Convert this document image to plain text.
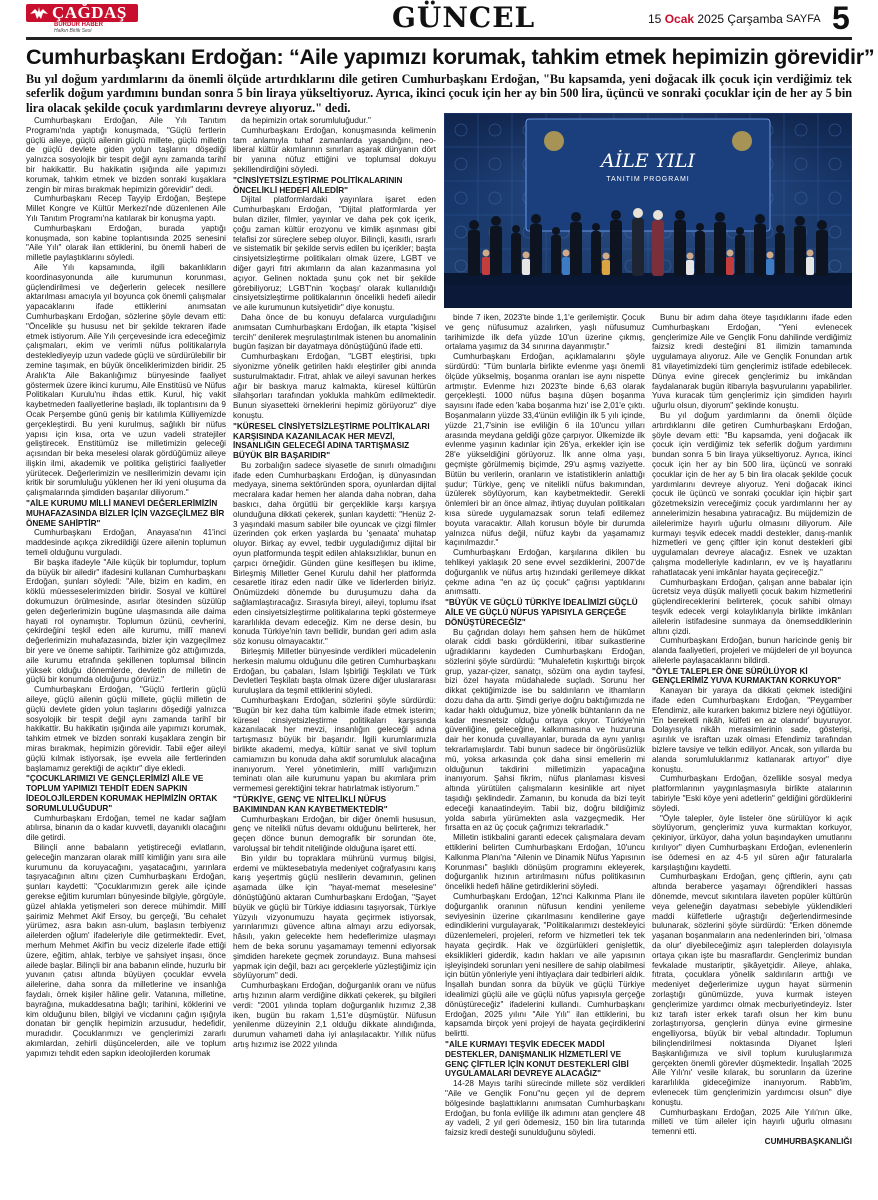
ÇAĞDAŞ
BURDUR HABER
Halkın Birlik Sesi	GÜNCEL	15 Ocak 2025 Çarşamba SAYFA 5
Cumhurbaşkanı Erdoğan: “Aile yapımızı korumak, tahkim etmek hepimizin görevidir”

Bu yıl doğum yardımlarını da önemli ölçüde artırdıklarını dile getiren Cumhurbaşkanı Erdoğan, "Bu kapsamda, yeni doğacak ilk çocuk için verdiğimiz tek seferlik doğum yardımını bundan sonra 5 bin liraya yükseltiyoruz. Ayrıca, ikinci çocuk için her ay bin 500 lira, üçüncü ve sonraki çocuklar için de her ay 5 bin lira olacak şekilde çocuk yardımlarını devreye alıyoruz." dedi.

AİLE YILI
TANITIM PROGRAMI

Cumhurbaşkanı Erdoğan, Aile Yılı Tanıtım Programı'nda yaptığı konuşmada, "Güçlü fertlerin güçlü aileye, güçlü ailenin güçlü millete, güçlü milletin de güçlü devlete giden yolun taşlarını döşediği yalnızca sosyolojik bir tespit değil aynı zamanda tarihî bir hakikattir. Bu hakikatin ışığında aile yapımızı korumak, tahkim etmek ve bizden sonraki kuşaklara zengin bir miras bırakmak hepimizin görevidir" dedi.

Cumhurbaşkanı Recep Tayyip Erdoğan, Beştepe Millet Kongre ve Kültür Merkezi'nde düzenlenen Aile Yılı Tanıtım Programı'na katılarak bir konuşma yaptı.

Cumhurbaşkanı Erdoğan, burada yaptığı konuşmada, son kabine toplantısında 2025 senesini "Aile Yılı" olarak ilan ettiklerini, bu önemli haberi de milletle paylaştıklarını söyledi.

Aile Yılı kapsamında, ilgili bakanlıkların koordinasyonunda aile kurumunun korunması, güçlendirilmesi ve değerlerin gelecek nesillere aktarılması amacıyla yıl boyunca çok önemli çalışmalar yapacaklarını ifade ettiklerini anımsatan Cumhurbaşkanı Erdoğan, sözlerine şöyle devam etti: "Öncelikle şu hususu net bir şekilde tekraren ifade etmek istiyorum. Aile Yılı çerçevesinde icra edeceğimiz çalışmaları, ekim ve verimli nüfus politikalarıyla desteklediyeyip uzun vadede güçlü ve sürdürülebilir bir zemine taşımak, en büyük önceliklerimizden biridir. 25 Aralık'ta Aile Bakanlığımız bünyesinde faaliyet göstermek üzere ikinci kurumu, Aile Enstitüsü ve Nüfus Politikaları Kurulu'nu ihdas ettik. Kurul, hiç vakit kaybetmeden faaliyetlerine başladı, ilk toplantısını da 9 Ocak Perşembe günü geniş bir katılımla Külliyemizde gerçekleştirdi. Bu yeni kurulmuş, sağlıklı bir nüfus yapısı için kısa, orta ve uzun vadeli stratejiler geliştirecek. Enstitümüz ise milletimizin geleceği açısından bir beka meselesi olarak gördüğümüz aileye ilişkin ilmi, akademik ve politika geliştirici faaliyetler yürütecek. Değerlerimizin ve nesillerimizin devamı için kritik bir sorumluluğu yüklenen her iki yeni oluşuma da çalışmalarında şimdiden başarılar diliyorum."

"AİLE KURUMU MİLLİ MANEVİ DEĞERLERİMİZİN MUHAFAZASINDA BİZLER İÇİN VAZGEÇİLMEZ BİR ÖNEME SAHİPTİR"

Cumhurbaşkanı Erdoğan, Anayasa'nın 41'inci maddesinde açıkça zikredildiği üzere ailenin toplumun temeli olduğunu vurguladı.

Bir başka ifadeyle "Aile küçük bir toplumdur, toplum da büyük bir ailedir" ifadesini kullanan Cumhurbaşkanı Erdoğan, şunları söyledi: "Aile, bizim en kadim, en köklü müesseselerimizden biridir. Sosyal ve kültürel dokumuzun örülmesinde, asırlar ötesinden süzülüp gelen değerlerimizin bugüne ulaşmasında aile daima hayati rol oynamıştır. Toplumun özünü, cevherini, çekirdeğini teşkil eden aile kurumu, millî manevi değerlerimizin muhafazasında, bizler için vazgeçilmez bir yere ve öneme sahiptir. Tarihimize göz attığımızda, aile kurumu etrafında şekillenen toplumsal bilincin yüksek olduğu dönemlerde, devletin de milletin de güçlü bir konumda olduğunu görürüz."

Cumhurbaşkanı Erdoğan, "Güçlü fertlerin güçlü aileye, güçlü ailenin güçlü millete, güçlü milletin de güçlü devlete giden yolun taşlarını döşediği yalnızca sosyolojik bir tespit değil aynı zamanda tarihî bir hakikattir. Bu hakikatin ışığında aile yapımızı korumak, tahkim etmek ve bizden sonraki kuşaklara zengin bir miras bırakmak, hepimizin görevidir. Tabii eğer aileyi güçlü kılmak istiyorsak, işe evvela aile fertlerinden başlamamız gerektiği de açıktır" diye ekledi.

"ÇOCUKLARIMIZI VE GENÇLERİMİZİ AİLE VE TOPLUM YAPIMIZI TEHDİT EDEN SAPKIN İDEOLOJİLERDEN KORUMAK HEPİMİZİN ORTAK SORUMLULUĞUDUR"

Cumhurbaşkanı Erdoğan, temel ne kadar sağlam atılırsa, binanın da o kadar kuvvetli, dayanıklı olacağını dile getirdi.

Bilinçli anne babaların yetiştireceği evlatların, geleceğin manzaran olarak millî kimliğin yanı sıra aile kurumunu da koruyacağını, yaşatacağını, yarınlara taşıyacağının altını çizen Cumhurbaşkanı Erdoğan, şunları kaydetti: "Çocuklarımızın gerek aile içinde gerekse eğitim kurumları bünyesinde bilgiyle, görgüyle, güzel ahlakla yetişmeleri son derece mühimdir. Millî şairimiz Mehmet Akif Ersoy, bu gerçeği, 'Bu cehalet yürümez, asra bakın asrı-ulum, başlasın terbiyenız ailelerden oğlum' ifadeleriyle dile getirmektedir. Evet, merhum Mehmet Akif'in bu veciz dizelerle ifade ettiği üzere, eğitim, ahlak, terbiye ve şahsiyet inşası, önce ailede başlar. Bilinçli bir ana babanın elinde, huzurlu bir yuvanın çatısı altında büyüyen çocuklar evvela ailelerine, daha sonra da milletlerine ve insanlığa faydalı, örnek kişiler hâline gelir. Vatanına, milletine, bayrağına, mukaddesatına bağlı; tarihini, köklerini ve kim olduğunu bilen, bilgiyi ve vicdanını çağın ışığıyla donatan bir gençlik hepimizin arzusudur, hedefidir, muradıdır. Çocuklarımızı ve gençlerimizi zararlı akımlardan, zehirli düşüncelerden, aile ve toplum yapımızı tehdit eden sapkın ideolojilerden korumak

da hepimizin ortak sorumluluğudur."

Cumhurbaşkanı Erdoğan, konuşmasında kelimenin tam anlamıyla tuhaf zamanlarda yaşandığını, neo-liberal kültür akımlarının sınırları aşarak dünyanın dört bir yanına nüfuz ettiğini ve toplumsal dokuyu şekillendirdiğini söyledi.

"CİNSİYETSİZLEŞTİRME POLİTİKALARININ ÖNCELİKLİ HEDEFİ AİLEDİR"

Dijital platformlardaki yayınlara işaret eden Cumhurbaşkanı Erdoğan, "Dijital platformlarda yer bulan diziler, filmler, yayınlar ve daha pek çok içerik, çoğu zaman kültür erozyonu ve kimlik aşınması gibi telafisi zor süreçlere sebep oluyor. Bilinçli, kasıtlı, ısrarlı ve sistematik bir şekilde servis edilen bu içerikler; başta cinsiyetsizleştirme politikaları olmak üzere, LGBT ve diğer gayri fıtri akımların da alan kazanmasına yol açıyor. Gelinen noktada şunu çok net bir şekilde görebiliyoruz; LGBT'nin 'koçbaşı' olarak kullanıldığı cinsiyetsizleştirme politikalarının öncelikli hedefi ailedir ve aile kurumunun kutsiyetidir" diye konuştu.

Daha önce de bu konuyu defalarca vurguladığını anımsatan Cumhurbaşkanı Erdoğan, ilk etapta "kişisel tercih" denilerek meşrulaştırılmak istenen bu anomalinin bugün fașizan bir dayatmaya dönüştüğünü ifade etti.

Cumhurbaşkanı Erdoğan, "LGBT eleştirisi, tıpkı siyonizme yönelik getirilen haklı eleştiriler gibi anında susturulmaktadır. Fıtrat, ahlak ve aileyi savunan herkes ağır bir baskıya maruz kalmakta, küresel kültürün silahşorları tarafından yoklukla mahkûm edilmektedir. Bunun siyasetteki örneklerini hepimiz görüyoruz" diye konuştu.

"KÜRESEL CİNSİYETSİZLEŞTİRME POLİTİKALARI KARŞISINDA KAZANILACAK HER MEVZİ, İNSANLIĞIN GELECEĞİ ADINA TARTIŞMASIZ BÜYÜK BİR BAŞARIDIR"

Bu zorbalığın sadece siyasetle de sınırlı olmadığını ifade eden Cumhurbaşkanı Erdoğan, iş dünyasından medyaya, sinema sektöründen spora, oyunlardan dijital mecralara kadar hemen her alanda daha nobran, daha baskıcı, daha örgütlü bir gerçeklikle karşı karşıya olunduğuna dikkati çekerek, şunları kaydetti: "Henüz 2-3 yaşındaki masum sabiler bile oyuncak ve çizgi filmler üzerinden çok erken yaşlarda bu 'şenaata' muhatap oluyor. Birkaç ay evvel, tedbir uyguladığımız dijital bir oyun platformunda teşpit edilen ahlaksızlıklar, bunun en çarpıcı örneğidir. Günden güne kesifleşen bu iklime, Birleşmiş Milletler Genel Kurulu dahil her platformda cesaretle itiraz eden nadir ülke ve liderlerden biriyiz. Önümüzdeki dönemde bu duruşumuzu daha da sağlamlaştıracağız. Sırasıyla bireyi, aileyi, toplumu ifsat eden cinsiyetsizleştirme politikalarına tepki göstermeye kararlılıkla devam edeceğiz. Kim ne derse desin, bu konuda Türkiye'nin tavrı bellidir, bundan geri adım asla söz konusu olmayacaktır."

Birleşmiş Milletler bünyesinde verdikleri mücadelenin herkesin malumu olduğunu dile getiren Cumhurbaşkanı Erdoğan, bu çabaları, İslam İşbirliği Teşkilatı ve Türk Devletleri Teşkilatı başta olmak üzere diğer uluslararası kuruluşlara da teşmil ettiklerini söyledi.

Cumhurbaşkanı Erdoğan, sözlerini şöyle sürdürdü: "Bugün bir kez daha tüm kalbimle ifade etmek isterim; küresel cinsiyetsizleştirme politikaları karşısında kazanılacak her mevzi, insanlığın geleceği adına tartışmasız büyük bir başarıdır. İlgili kurumlarımızla birlikte akademi, medya, kültür sanat ve sivil toplum camiamızın bu konuda daha aktif sorumluluk alacağına inanıyorum. Yerel yönetimlerin, millî varlığımızın teminatı olan aile kurumunu yapan bu akımlara prim vermemesi gerektiğini tekrar hatırlatmak istiyorum."

"TÜRKİYE, GENÇ VE NİTELİKLİ NÜFUS BAKIMINDAN KAN KAYBETMEKTEDİR"

Cumhurbaşkanı Erdoğan, bir diğer önemli hususun, genç ve nitelikli nüfus devamı olduğunu belirterek, her geçen dönce bunun demografik bir sorundan öte, varoluşsal bir tehdit niteliğinde olduğuna işaret etti.

Bin yıldır bu topraklara mührünü vurmuş bilgisi, erdemi ve müktesebatıyla medeniyet coğrafyasını karış karış yeşertmiş güçlü neslilerin devamının, gelinen aşamada ülke için "hayat-memat meselesine" dönüştüğünü aktaran Cumhurbaşkanı Erdoğan, "Şayet büyük ve güçlü bir Türkiye iddiasını taşıyorsak, Türkiye Yüzyılı vizyonumuzu hayata geçirmek istiyorsak, yarınlarımızı güvence altına almayı arzu ediyorsak, hâsılı, yakın gelecekte hem hedeflerimize ulaşmayı hem de beka sorunu yaşamamayı temenni ediyorsak şimdiden harekete geçmek zorundayız. Buna mahsesi yapmak için değil, bazı acı gerçeklerle yüzleştiğimiz için söylüyorum" dedi.

Cumhurbaşkanı Erdoğan, doğurganlık oranı ve nüfus artış hızının alarm verdiğine dikkati çekerek, şu bilgileri verdi: "2001 yılında toplam doğurganlık hızımız 2,38 iken, bugün bu rakam 1,51'e düşmüştür. Nüfusun yenilenme düzeyinin 2,1 olduğu dikkate alındığında, durumun vahameti daha iyi anlaşılacaktır. Yıllık nüfus artış hızımız ise 2022 yılında

binde 7 iken, 2023'te binde 1,1'e gerilemiştir. Çocuk ve genç nüfusumuz azalırken, yaşlı nüfusumuz tarihimizde ilk defa yüzde 10'un üzerine çıkmış, ortalama yaşımız da 34 sınırına dayanmıştır."

Cumhurbaşkanı Erdoğan, açıklamalarını şöyle sürdürdü: "Tüm bunlarla birlikte evlenme yaşı önemli ölçüde yükselmiş, boşanma oranları ise aynı nispette artmıştır. Evlenme hızı 2023'te binde 6,63 olarak gerçekleşti. 1000 nüfus başına düşen boşanma sayısını ifade eden 'kaba boşanma hızı' ise 2,01'e çıktı. Boşanmaların yüzde 33,4'ünün evliliğin ilk 5 yılı içinde, yüzde 21,7'sinin ise evliliğin 6 ila 10'uncu yılları arasında meydana geldiği göze çarpıyor. Ülkemizde ilk evlenme yaşının kadınlar için 26'ya, erkekler için ise 28'e yükseldiğini görüyoruz. İlk anne olma yaşı, geçmişte görülmemiş biçimde, 29'u aşmış vaziyette. Bütün bu verilerin, oranların ve istatistiklerin anlattığı şudur; Türkiye, genç ve nitelikli nüfus bakımından, üzülerek söylüyorum, kan kaybetmektedir. Gerekli önlemleri bir an önce almaz, ihtiyaç duyulan politikaları kısa sürede uygulamazsak sorun telafi edilemez boyuta varacaktır. Allah korusun böyle bir durumda yalnızca nüfus değil, nüfuz kaybı da yaşamamız kaçınılmazdır."

Cumhurbaşkanı Erdoğan, karşılarına dikilen bu tehlikeyi yaklaşık 20 sene evvel sezdiklerini, 2007'de doğurganlık ve nüfus artış hızındaki gerilemeye dikkat çekme adına "en az üç çocuk" çağrısı yaptıklarını anımsattı.

"BÜYÜK VE GÜÇLÜ TÜRKİYE İDEALİMİZİ GÜÇLÜ AİLE VE GÜÇLÜ NÜFUS YAPISIYLA GERÇEĞE DÖNÜŞTÜRECEĞİZ"

Bu çağrıdan dolayı hem şahsen hem de hükûmet olarak ciddi baskı gördüklerini, itibar suikastlerine uğradıklarını kaydeden Cumhurbaşkanı Erdoğan, sözlerini şöyle sürdürdü: "Muhalefetin kışkırttığı birçok grup, yazar-çizer, sanatçı, sözüm ona aydın tayfesi, bizi özel hayata müdahalede suçladı. Sorunu her dikkat çektiğimizde ise bu saldırıların ve ithamların dozu daha da arttı. Şimdi geriye doğru baktığımızda ne kadar haklı olduğumuz, bize yönelik bühtanların da ne kadar mesnetsiz olduğu ortaya çıkıyor. Türkiye'nin güvenliğine, geleceğine, kalkınmasına ve huzuruna dair her konuda çuvallayanlar, burada da aynı yanlışı tekrarlamışlardır. Tabi bunun sadece bir öngörüsüzlük mü, yoksa arkasında çok daha sinsi emellerin mi olduğunun takdirini milletimizin yapacağına inanıyorum. Şahsi fikrim, nüfus planlaması kisvesi altında yürütülen çalışmaların kesinlikle art niyet taşıdığı şeklindedir. Zamanın, bu konuda da bizi teyit edeceği kanaatindeyim. Tabii biz, doğru bildiğimiz yolda sabırla yürümekten asla vazgeçmedik. Her fırsatta en az üç çocuk çağrımızı tekrarladık."

Milletin istikbalini garanti edecek çalışmalara devam ettiklerini belirten Cumhurbaşkanı Erdoğan, 10'uncu Kalkınma Planı'na "Ailenin ve Dinamik Nüfus Yapısının Korunması" başlıklı dönüşüm programını ekleyerek, doğurganlık hızının artırılmasını nüfus politikasının öncelikli hedefi hâline getirdiklerini söyledi.

Cumhurbaşkanı Erdoğan, 12'nci Kalkınma Planı ile doğurganlık oranının nüfusun kendini yenileme seviyesinin üzerine çıkarılmasını kendilerine gaye edindiklerini vurgulayarak, "Politikalarımızı destekleyici düzenlemeleri, projeleri, reform ve hizmetleri tek tek hayata geçirdik. Hak ve özgürlükleri genişlettik, eksiklikleri giderdik, kadın hakları ve aile yapısının işleyişindeki sorunları yeni nesillere de sahip olabilmesi için bütün yönleriyle yeni ihtiyaçlara dair tedbirleri aldık. İnşallah bundan sonra da büyük ve güçlü Türkiye idealimizi güçlü aile ve güçlü nüfus yapısıyla gerçeğe dönüştüreceğiz" ifadelerini kullandı. Cumhurbaşkanı Erdoğan, 2025 yılını "Aile Yılı" ilan ettiklerini, bu kapsamda birçok yeni projeyi de hayata geçirdiklerini belirtti.

"AİLE KURMAYI TEŞVİK EDECEK MADDİ DESTEKLER, DANIŞMANLIK HİZMETLERİ VE GENÇ ÇİFTLER İÇİN KONUT DESTEKLERİ GİBİ UYGULAMALARI DEVREYE ALACAĞIZ"

14-28 Mayıs tarihi sürecinde millete söz verdikleri "Aile ve Gençlik Fonu"nu geçen yıl de deprem bölgesinde başlattıklarını anımsatan Cumhurbaşkanı Erdoğan, bu fonla evliliğe ilk adımını atan gençlere 48 ay vadeli, 2 yıl geri ödemesiz, 150 bin lira tutarında faizsiz kredi desteği sunulduğunu söyledi.

Bunu bir adım daha öteye taşıdıklarını ifade eden Cumhurbaşkanı Erdoğan, "Yeni evlenecek gençlerimize Aile ve Gençlik Fonu dahilinde verdiğimiz faizsiz kredi desteğini 81 ilimizin tamamında uygulamaya alıyoruz. Aile ve Gençlik Fonundan artık 81 vilayetimizdeki tüm gençlerimiz istifade edebilecek. Dünya evine girecek gençlerimiz bu imkândan faydalanarak bugün itibarıyla başvurularını yapabilirler. Yuva kuracak tüm gençlerimiz için şimdiden hayırlı uğurlu olsun, diyorum" şeklinde konuştu.

Bu yıl doğum yardımlarını da önemli ölçüde artırdıklarını dile getiren Cumhurbaşkanı Erdoğan, şöyle devam etti: "Bu kapsamda, yeni doğacak ilk çocuk için verdiğimiz tek seferlik doğum yardımını bundan sonra 5 bin liraya yükseltiyoruz. Ayrıca, ikinci çocuk için her ay bin 500 lira, üçüncü ve sonraki çocuklar için de her ay 5 bin lira olacak şekilde çocuk yardımlarını devreye alıyoruz. Yeni doğacak ikinci çocuk ile üçüncü ve sonraki çocuklar için hiçbir şart gözetmeksizin vereceğimiz çocuk yardımlarını her ay annelerimizin hesabına yatıracağız. Bu müjdemizin de ailelerimize hayırlı uğurlu olmasını diliyorum. Aile kurmayı teşvik edecek maddi destekler, danış-manlık hizmetleri ve genç çiftler için konut destekleri gibi uygulamaları devreye alacağız. Esnek ve uzaktan çalışma modelleriyle kadınların, ev ve iş hayatlarını rahatlatacak yeni imkânlar hayata geçireceğiz."

Cumhurbaşkanı Erdoğan, çalışan anne babalar için ücretsiz veya düşük maliyetli çocuk bakım hizmetlerini güçlendireceklerini belirterek, çocuk sahibi olmayı teşvik edecek vergi kolaylıklarıyla birlikte imkânları ailelerin istifadesine sunmaya da önemseddiklerinin altını çizdi.

Cumhurbaşkanı Erdoğan, bunun haricinde geniş bir alanda faaliyetleri, projeleri ve müjdeleri de yıl boyunca ailelerle paylaşacaklarını bildirdi.

"ÖYLE TALEPLER ÖNE SÜRÜLÜYOR Kİ GENÇLERİMİZ YUVA KURMAKTAN KORKUYOR"

Kanayan bir yaraya da dikkati çekmek istediğini ifade eden Cumhurbaşkanı Erdoğan, "Peygamber Efendimiz, aile kurarken bakımız bizlere neyi öğütlüyor. 'En bereketli nikâh, külfeti en az olanıdır' buyuruyor. Dolayısıyla nikâh merasimlerinin sade, gösterişi, aşırılık ve israftan uzak olması Efendimiz tarafından bizlere tavsiye ve telkin ediliyor. Ancak, son yıllarda bu alanda sorumluluklarımız katlanarak artıyor" diye konuştu.

Cumhurbaşkanı Erdoğan, özellikle sosyal medya platformlarının yaygınlaşmasıyla birlikte atalarının tabiriyle "Eski köye yeni adetlerin" geldiğini gördüklerini söyledi.

"Öyle talepler, öyle listeler öne sürülüyor ki açık söylüyorum, gençlerimiz yuva kurmaktan korkuyor, çekiniyor, ürküyor, daha yolun başındayken umutlarını kırılıyor" diyen Cumhurbaşkanı Erdoğan, evlenenlerin ise ödemesi en az 4-5 yıl süren ağır faturalarla karşılaştığını kaydetti.

Cumhurbaşkanı Erdoğan, genç çiftlerin, aynı çatı altında beraberce yaşamayı öğrendikleri hassas dönemde, mevcut sıkıntılara ilaveten popüler kültürün veya geleneğin dayatması sebebiyle yüklendikleri maddi külfetlerle uğraştığı değerlendirmesinde bulunarak, sözlerini şöyle sürdürdü: "Erken dönemde yaşanan boşanmaların ana nedenlerinden biri, 'olmasa da olur' diyebileceğimiz aşırı taleplerden dolayısıyla ortaya çıkan işte bu masraflardır. Gençlerimiz bundan fevkalade mustariptir, şikâyetçidir. Aileye, ahlaka, fıtrata, çocuklara yönelik saldırıların arttığı ve medeniyet değerlerimize uygun hayat sürmenin zorlaştığı günümüzde, yuva kurmak isteyen gençlerimize yardımcı olmak mecburiyetindeyiz. İster kız tarafı ister erkek tarafı olsun her kim bunu zorlaştırıyorsa, gençlerin dünya evine girmesine engelliyorsa, büyük bir vebal altındadır. Toplumun bilinçlendirilmesi noktasında Diyanet İşleri Başkanlığımıza ve sivil toplum kuruluşlarımıza gerçekten önemli görevler düşmektedir. İnşallah '2025 Aile Yılı'nı' vesile kılarak, bu sorunların da üzerine kararlılıkla gideceğimize inanıyorum. Rabb'im, evlenecek tüm gençlerimizin yardımcısı olsun" diye konuştu.

Cumhurbaşkanı Erdoğan, 2025 Aile Yılı'nın ülke, milleti ve tüm aileler için hayırlı uğurlu olmasını temenni etti.

CUMHURBAŞKANLIĞI
